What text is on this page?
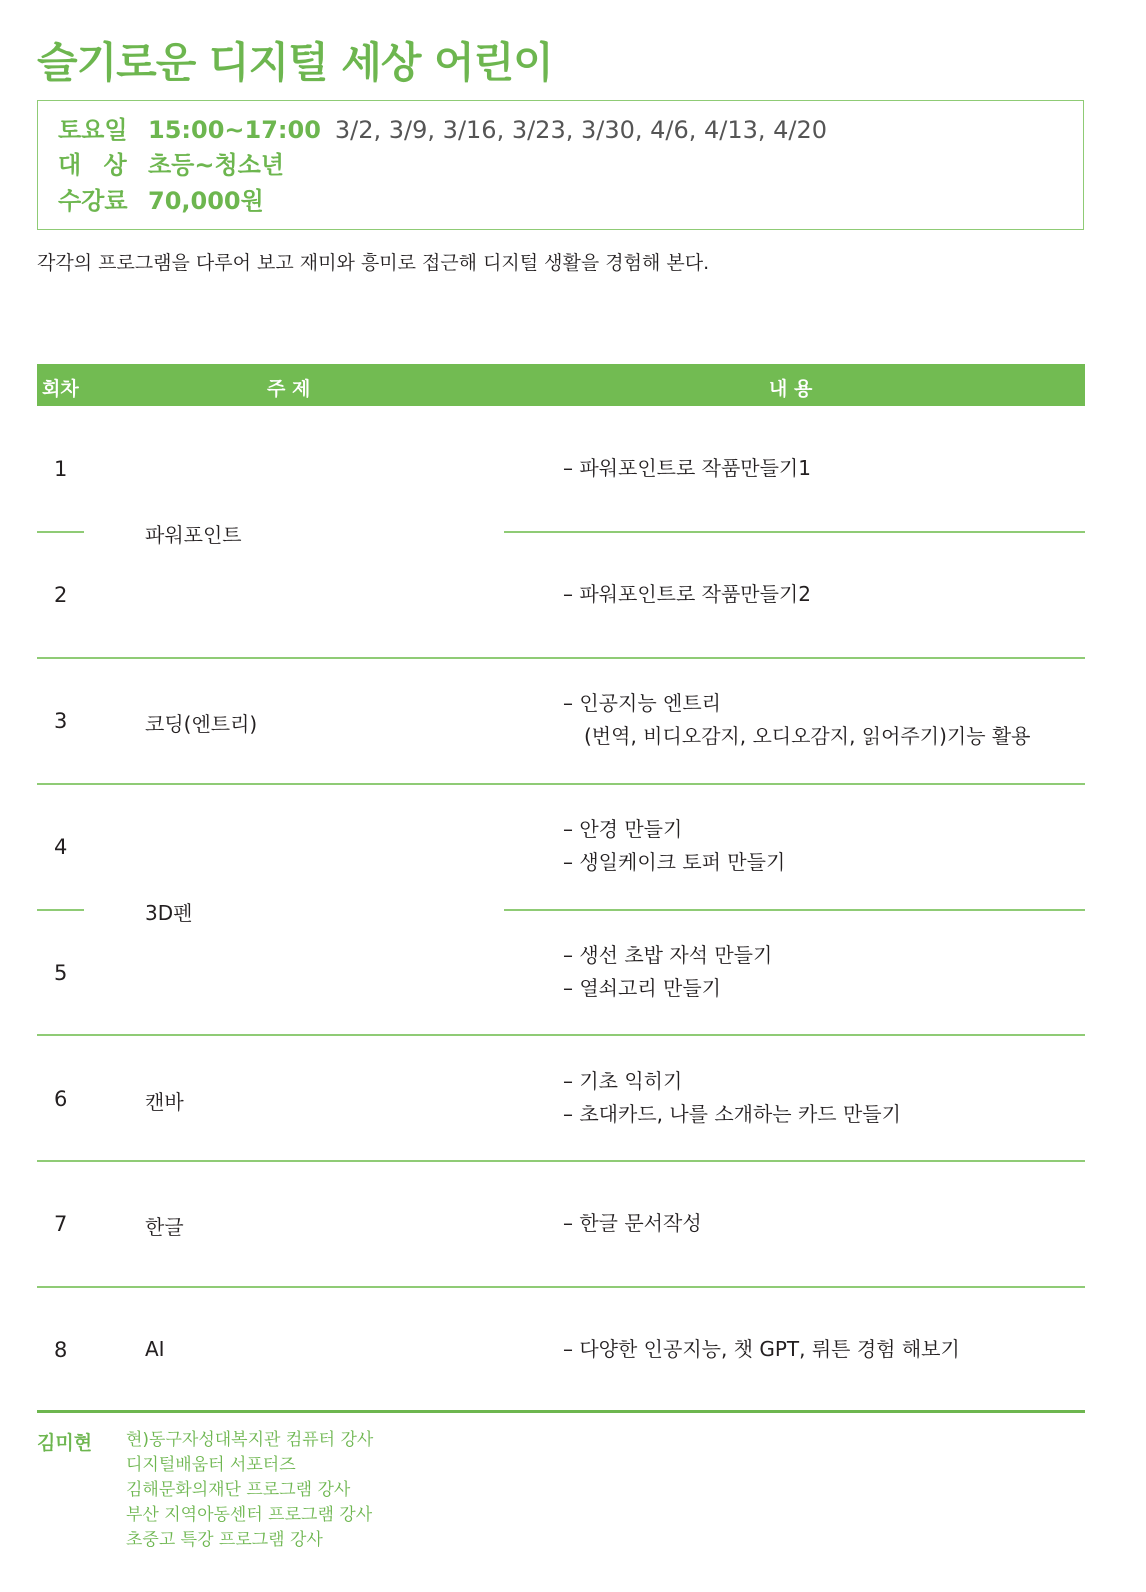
슬기로운 디지털 세상 어린이
토요일 15:00~17:00 3/2, 3/9, 3/16, 3/23, 3/30, 4/6, 4/13, 4/20
대 상 초등~청소년
수강료 70,000원
각각의 프로그램을 다루어 보고 재미와 흥미로 접근해 디지털 생활을 경험해 본다.
회차	주 제	내 용
1
2
3
4
5
6
7
8
파워포인트
코딩(엔트리)
3D펜
캔바
한글
AI
– 파워포인트로 작품만들기1
– 파워포인트로 작품만들기2
– 인공지능 엔트리
(번역, 비디오감지, 오디오감지, 읽어주기)기능 활용
– 안경 만들기
– 생일케이크 토퍼 만들기
– 생선 초밥 자석 만들기
– 열쇠고리 만들기
– 기초 익히기
– 초대카드, 나를 소개하는 카드 만들기
– 한글 문서작성
– 다양한 인공지능, 챗 GPT, 뤼튼 경험 해보기
김미현 현)동구자성대복지관 컴퓨터 강사
디지털배움터 서포터즈
김해문화의재단 프로그램 강사
부산 지역아동센터 프로그램 강사
초중고 특강 프로그램 강사
